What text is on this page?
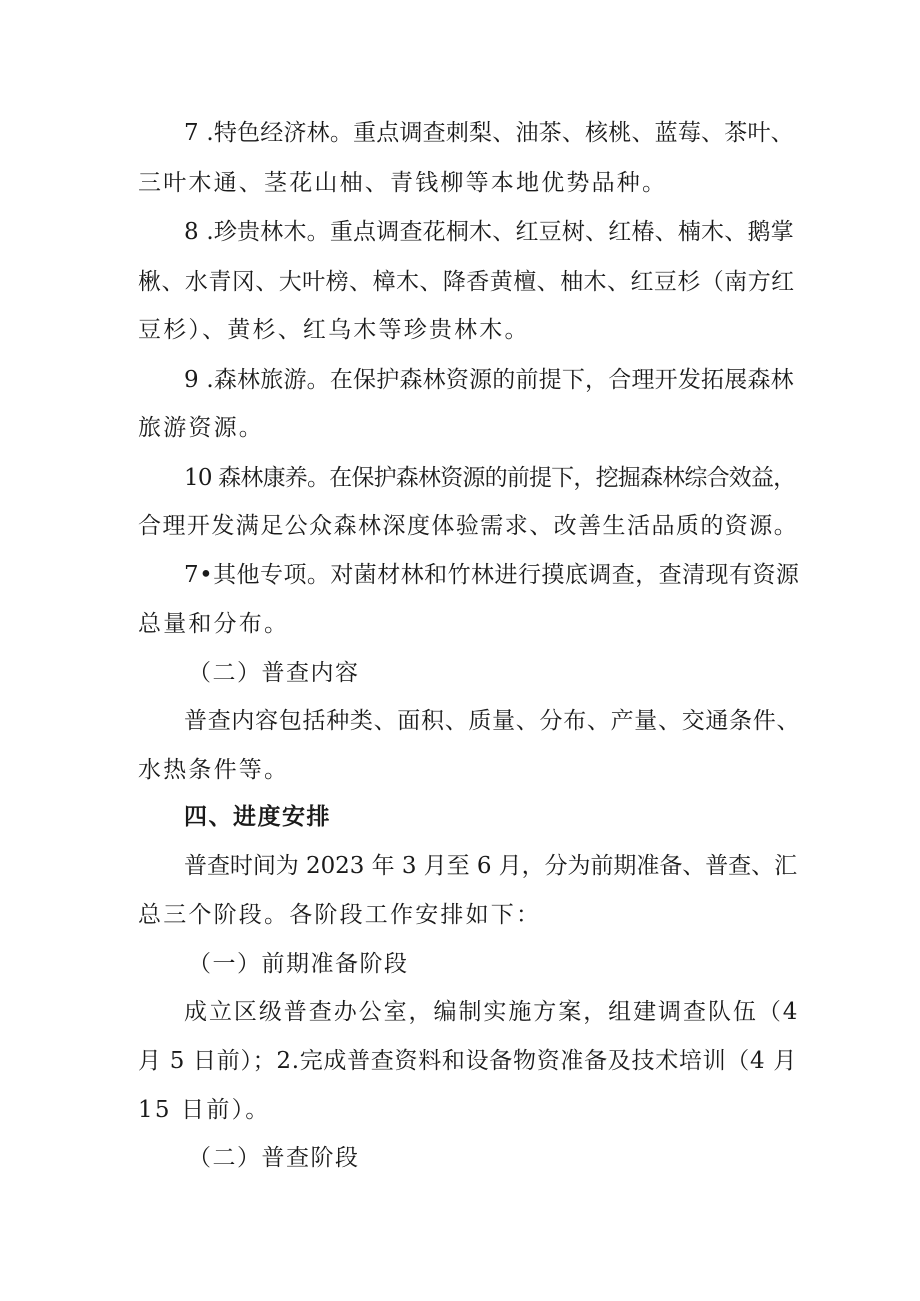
7 .特色经济林。重点调查刺梨、油茶、核桃、蓝莓、茶叶、
三叶木通、茎花山柚、青钱柳等本地优势品种。
8 .珍贵林木。重点调查花桐木、红豆树、红椿、楠木、鹅掌
楸、水青冈、大叶榜、樟木、降香黄檀、柚木、红豆杉（南方红
豆杉）、黄杉、红乌木等珍贵林木。
9 .森林旅游。在保护森林资源的前提下，合理开发拓展森林
旅游资源。
10 森林康养。在保护森林资源的前提下，挖掘森林综合效益，
合理开发满足公众森林深度体验需求、改善生活品质的资源。
7•其他专项。对菌材林和竹林进行摸底调查，查清现有资源
总量和分布。
（二）普查内容
普查内容包括种类、面积、质量、分布、产量、交通条件、
水热条件等。
四、进度安排
普查时间为 2023 年 3 月至 6 月，分为前期准备、普查、汇
总三个阶段。各阶段工作安排如下：
（一）前期准备阶段
成立区级普查办公室，编制实施方案，组建调查队伍（4
月 5 日前）；2.完成普查资料和设备物资准备及技术培训（4 月
15 日前）。
（二）普查阶段
